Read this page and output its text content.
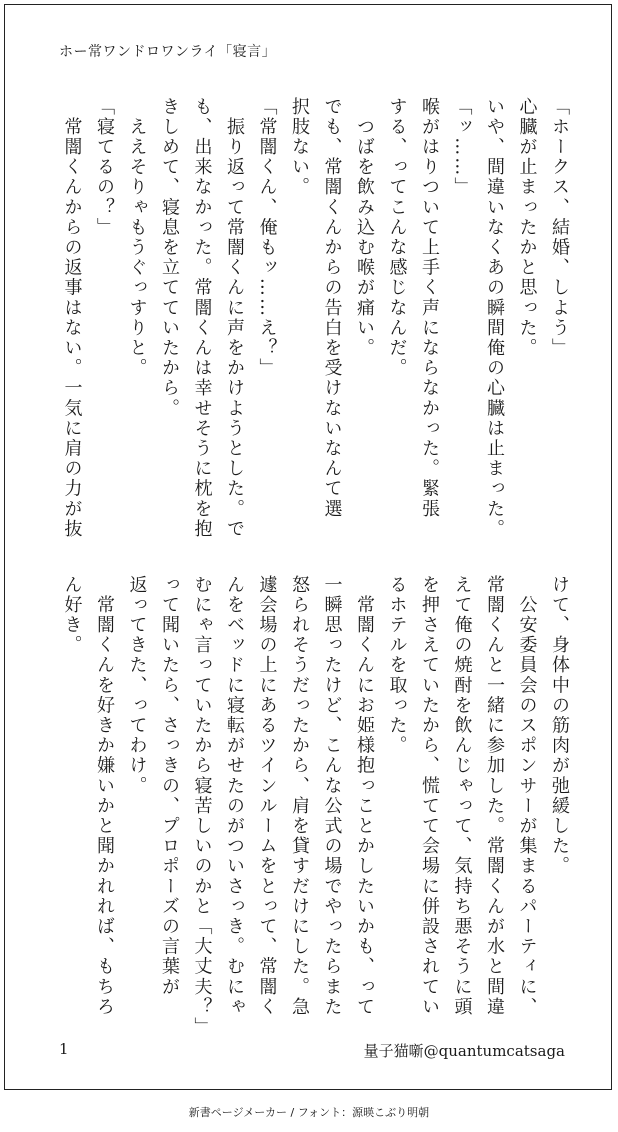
ホー常ワンドロワンライ「寝言」

「ホークス、結婚、しよう」

心臓が止まったかと思った。

いや、間違いなくあの瞬間俺の心臓は止まった。

「ッ……」

喉がはりついて上手く声にならなかった。緊張

する、ってこんな感じなんだ。

　つばを飲み込む喉が痛い。

でも、常闇くんからの告白を受けないなんて選

択肢ない。

「常闇くん、俺もッ……え？」

　振り返って常闇くんに声をかけようとした。で

も、出来なかった。常闇くんは幸せそうに枕を抱

きしめて、寝息を立てていたから。

　ええそりゃもうぐっすりと。

「寝てるの？」

　常闇くんからの返事はない。一気に肩の力が抜

けて、身体中の筋肉が弛緩した。

　公安委員会のスポンサーが集まるパーティに、

常闇くんと一緒に参加した。常闇くんが水と間違

えて俺の焼酎を飲んじゃって、気持ち悪そうに頭

を押さえていたから、慌てて会場に併設されてい

るホテルを取った。

　常闇くんにお姫様抱っことかしたいかも、って

一瞬思ったけど、こんな公式の場でやったらまた

怒られそうだったから、肩を貸すだけにした。急

遽会場の上にあるツインルームをとって、常闇く

んをベッドに寝転がせたのがついさっき。むにゃ

むにゃ言っていたから寝苦しいのかと「大丈夫？」

って聞いたら、さっきの、プロポーズの言葉が

返ってきた、ってわけ。

　常闇くんを好きか嫌いかと聞かれれば、もちろ

ん好き。

1	量子猫噺@quantumcatsaga
新書ページメーカー / フォント：源暎こぶり明朝
